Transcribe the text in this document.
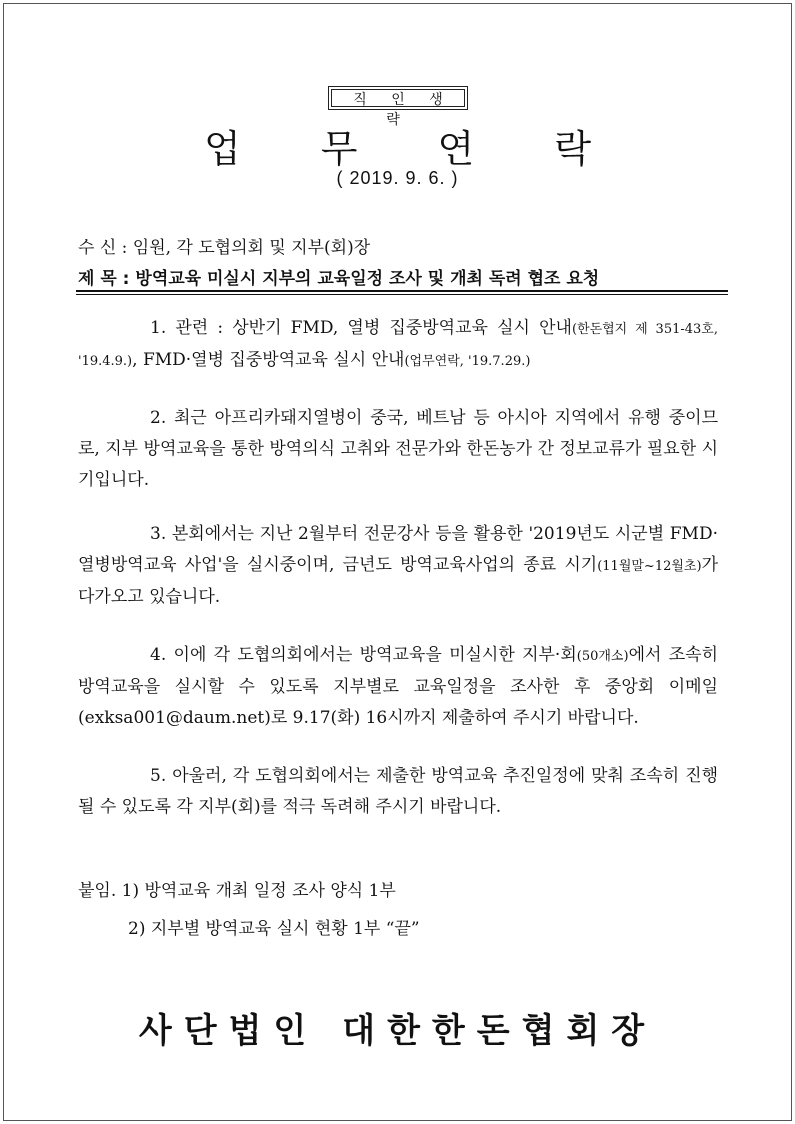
직 인 생 략
업 무 연 락
( 2019. 9. 6. )
수 신 : 임원, 각 도협의회 및 지부(회)장
제 목 : 방역교육 미실시 지부의 교육일정 조사 및 개최 독려 협조 요청
1. 관련 : 상반기 FMD, 열병 집중방역교육 실시 안내(한돈협지 제 351-43호, '19.4.9.), FMD·열병 집중방역교육 실시 안내(업무연락, '19.7.29.)
2. 최근 아프리카돼지열병이 중국, 베트남 등 아시아 지역에서 유행 중이므로, 지부 방역교육을 통한 방역의식 고취와 전문가와 한돈농가 간 정보교류가 필요한 시기입니다.
3. 본회에서는 지난 2월부터 전문강사 등을 활용한 '2019년도 시군별 FMD·열병방역교육 사업'을 실시중이며, 금년도 방역교육사업의 종료 시기(11월말~12월초)가 다가오고 있습니다.
4. 이에 각 도협의회에서는 방역교육을 미실시한 지부·회(50개소)에서 조속히 방역교육을 실시할 수 있도록 지부별로 교육일정을 조사한 후 중앙회 이메일(exksa001@daum.net)로 9.17(화) 16시까지 제출하여 주시기 바랍니다.
5. 아울러, 각 도협의회에서는 제출한 방역교육 추진일정에 맞춰 조속히 진행될 수 있도록 각 지부(회)를 적극 독려해 주시기 바랍니다.
붙임. 1) 방역교육 개최 일정 조사 양식 1부
2) 지부별 방역교육 실시 현황 1부 “끝”
사단법인 대한한돈협회장
